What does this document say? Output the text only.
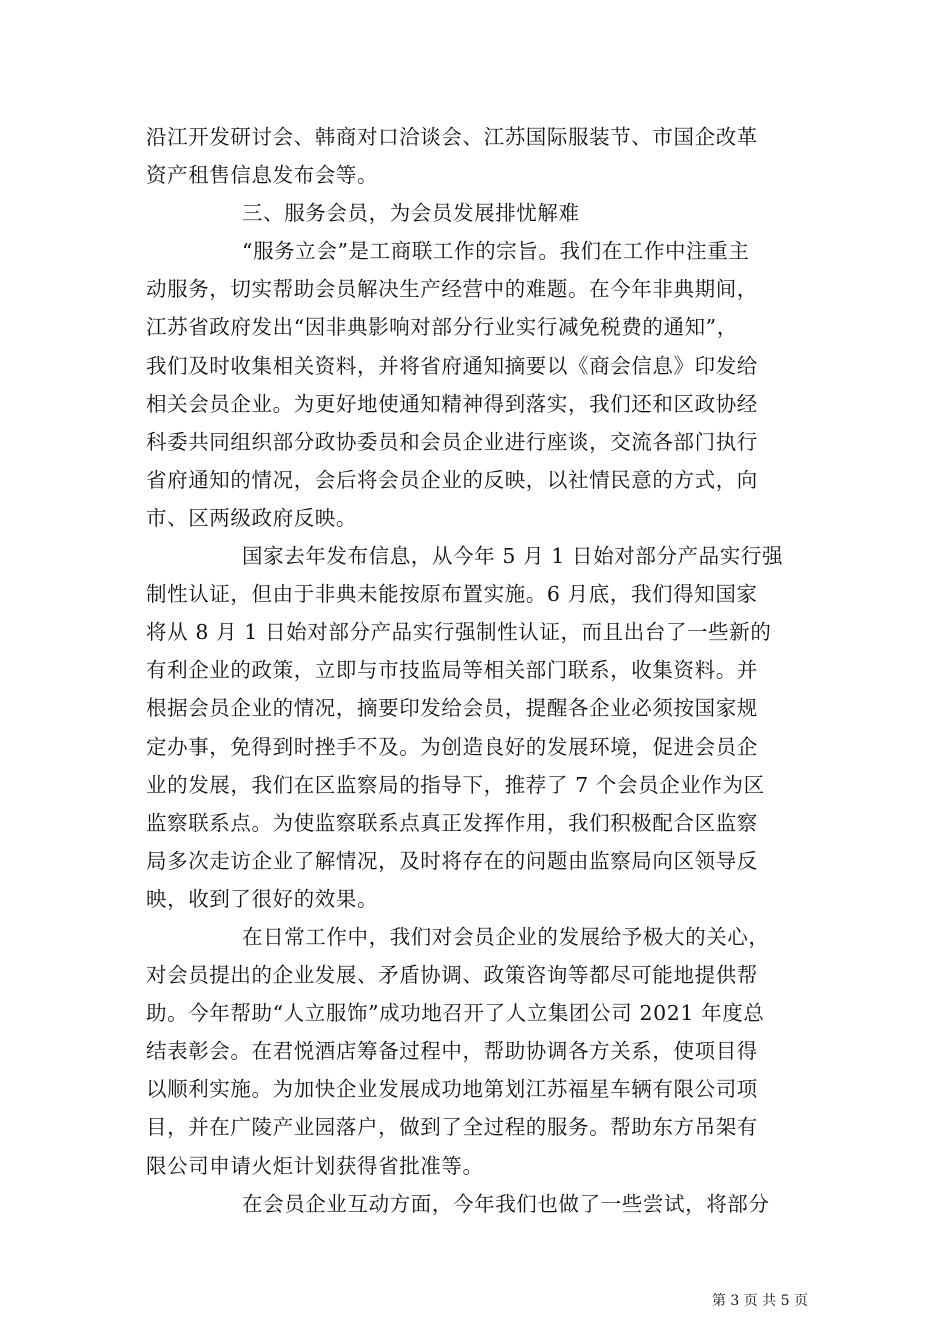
沿江开发研讨会、韩商对口洽谈会、江苏国际服装节、市国企改革
资产租售信息发布会等。
三、服务会员，为会员发展排忧解难
“服务立会”是工商联工作的宗旨。我们在工作中注重主
动服务，切实帮助会员解决生产经营中的难题。在今年非典期间，
江苏省政府发出“因非典影响对部分行业实行减免税费的通知”，
我们及时收集相关资料，并将省府通知摘要以《商会信息》印发给
相关会员企业。为更好地使通知精神得到落实，我们还和区政协经
科委共同组织部分政协委员和会员企业进行座谈，交流各部门执行
省府通知的情况，会后将会员企业的反映，以社情民意的方式，向
市、区两级政府反映。
国家去年发布信息，从今年 5 月 1 日始对部分产品实行强
制性认证，但由于非典未能按原布置实施。6 月底，我们得知国家
将从 8 月 1 日始对部分产品实行强制性认证，而且出台了一些新的
有利企业的政策，立即与市技监局等相关部门联系，收集资料。并
根据会员企业的情况，摘要印发给会员，提醒各企业必须按国家规
定办事，免得到时挫手不及。为创造良好的发展环境，促进会员企
业的发展，我们在区监察局的指导下，推荐了 7 个会员企业作为区
监察联系点。为使监察联系点真正发挥作用，我们积极配合区监察
局多次走访企业了解情况，及时将存在的问题由监察局向区领导反
映，收到了很好的效果。
在日常工作中，我们对会员企业的发展给予极大的关心，
对会员提出的企业发展、矛盾协调、政策咨询等都尽可能地提供帮
助。今年帮助“人立服饰”成功地召开了人立集团公司 2021 年度总
结表彰会。在君悦酒店筹备过程中，帮助协调各方关系，使项目得
以顺利实施。为加快企业发展成功地第划江苏福星车辆有限公司项
目，并在广陵产业园落户，做到了全过程的服务。帮助东方吊架有
限公司申请火炬计划获得省批准等。
在会员企业互动方面，今年我们也做了一些尝试，将部分
第 3 页 共 5 页
